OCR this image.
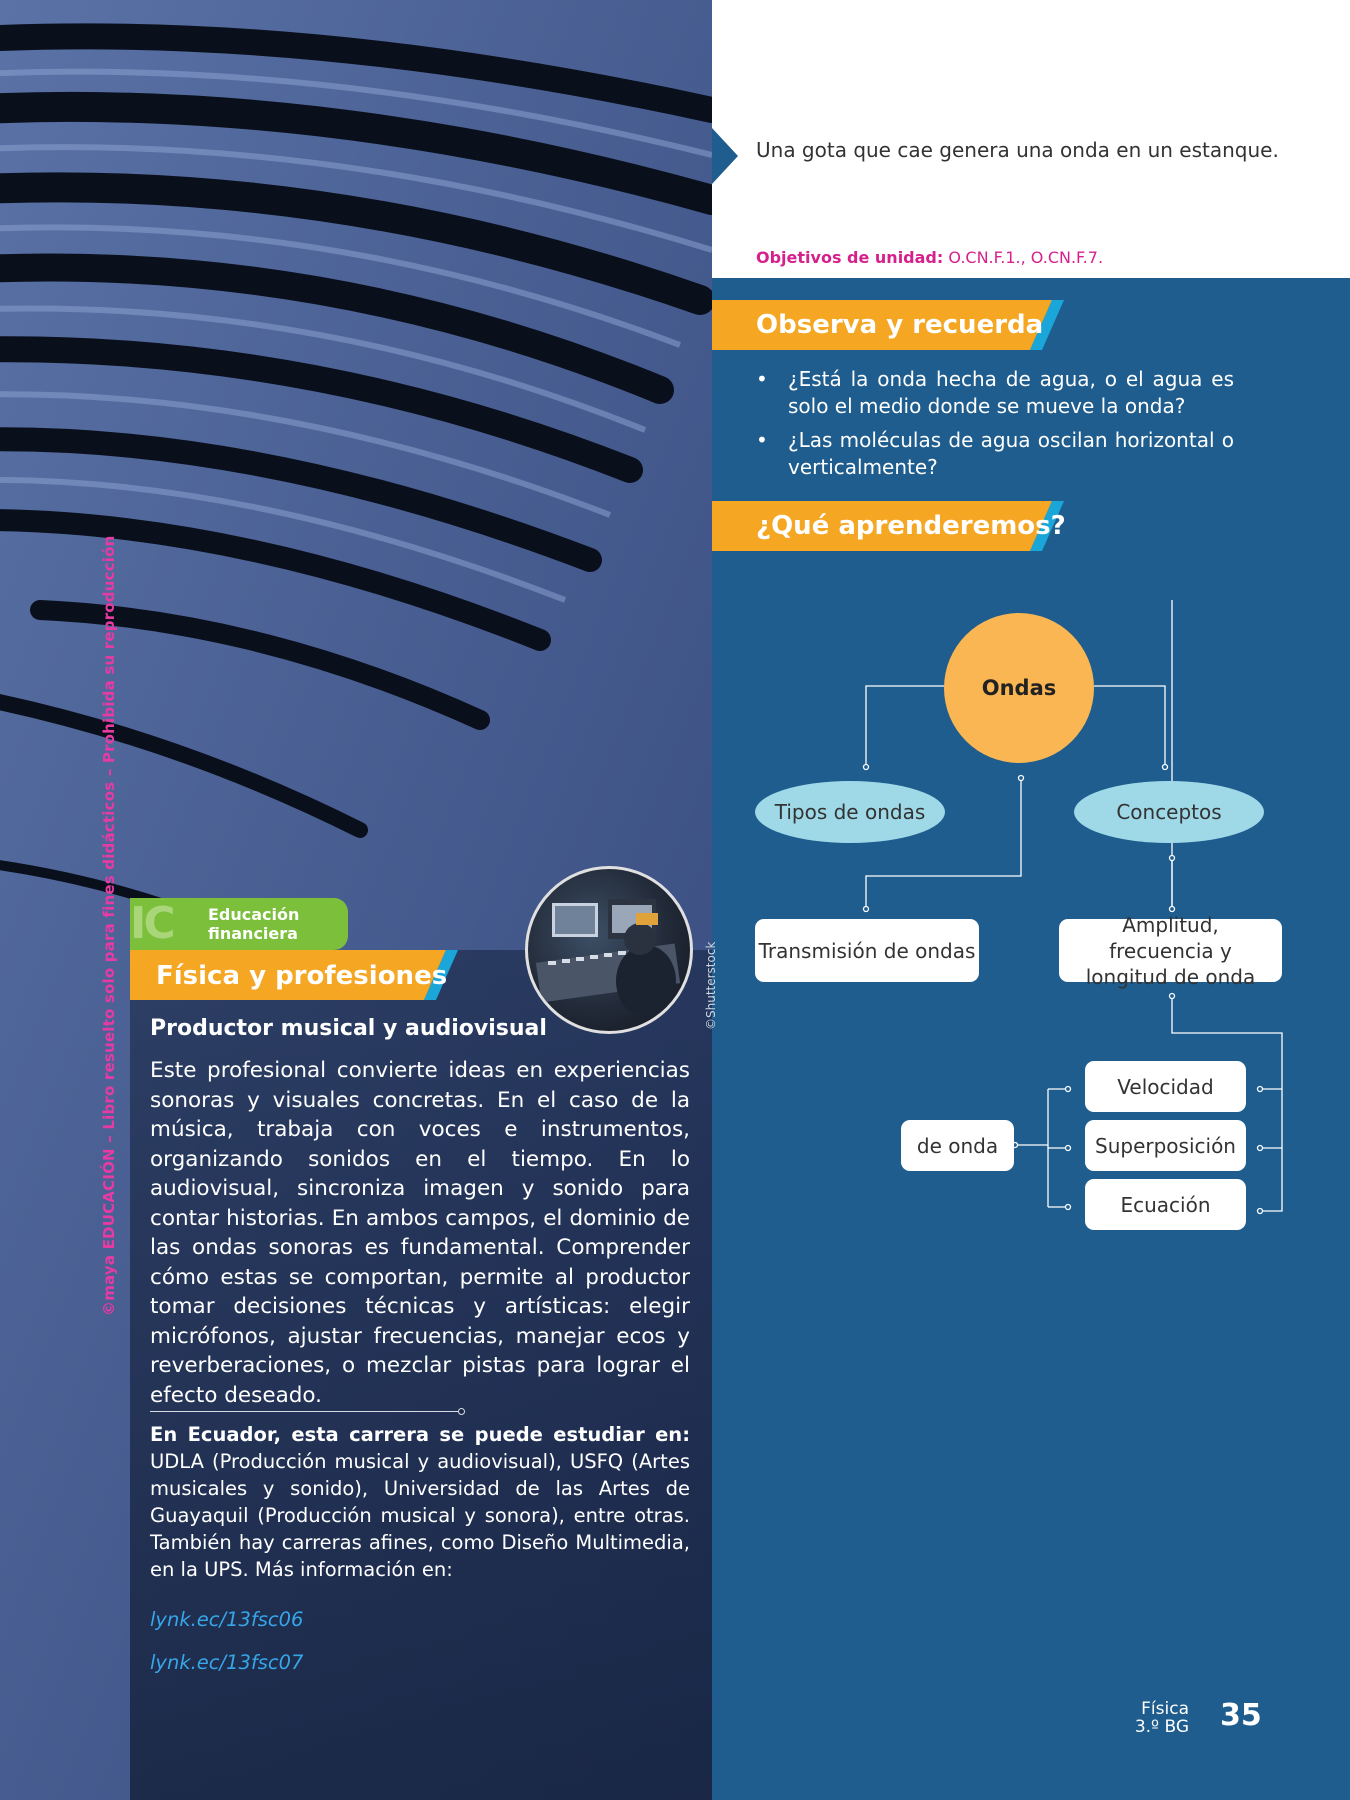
©maya EDUCACIÓN – Libro resuelto solo para fines didácticos – Prohibida su reproducción
Una gota que cae genera una onda en un estanque.
Objetivos de unidad: O.CN.F.1., O.CN.F.7.
Observa y recuerda
• ¿Está la onda hecha de agua, o el agua es solo el medio donde se mueve la onda?
• ¿Las moléculas de agua oscilan horizontal o verticalmente?
¿Qué aprenderemos?
Ondas
Tipos de ondas	Conceptos
Transmisión de ondas
Amplitud, frecuencia y longitud de onda
de onda
Velocidad
Superposición
Ecuación
IC Educación
financiera
Física y profesiones	©Shutterstock
Productor musical y audiovisual
Este profesional convierte ideas en experiencias sonoras y visuales concretas. En el caso de la música, trabaja con voces e instrumentos, organizando sonidos en el tiempo. En lo audiovisual, sincroniza imagen y sonido para contar historias. En ambos campos, el dominio de las ondas sonoras es fundamental. Comprender cómo estas se comportan, permite al productor tomar decisiones técnicas y artísticas: elegir micrófonos, ajustar frecuencias, manejar ecos y reverberaciones, o mezclar pistas para lograr el efecto deseado.
En Ecuador, esta carrera se puede estudiar en: UDLA (Producción musical y audiovisual), USFQ (Artes musicales y sonido), Universidad de las Artes de Guayaquil (Producción musical y sonora), entre otras. También hay carreras afines, como Diseño Multimedia, en la UPS. Más información en:
lynk.ec/13fsc06
lynk.ec/13fsc07
Física
3.º BG 35
